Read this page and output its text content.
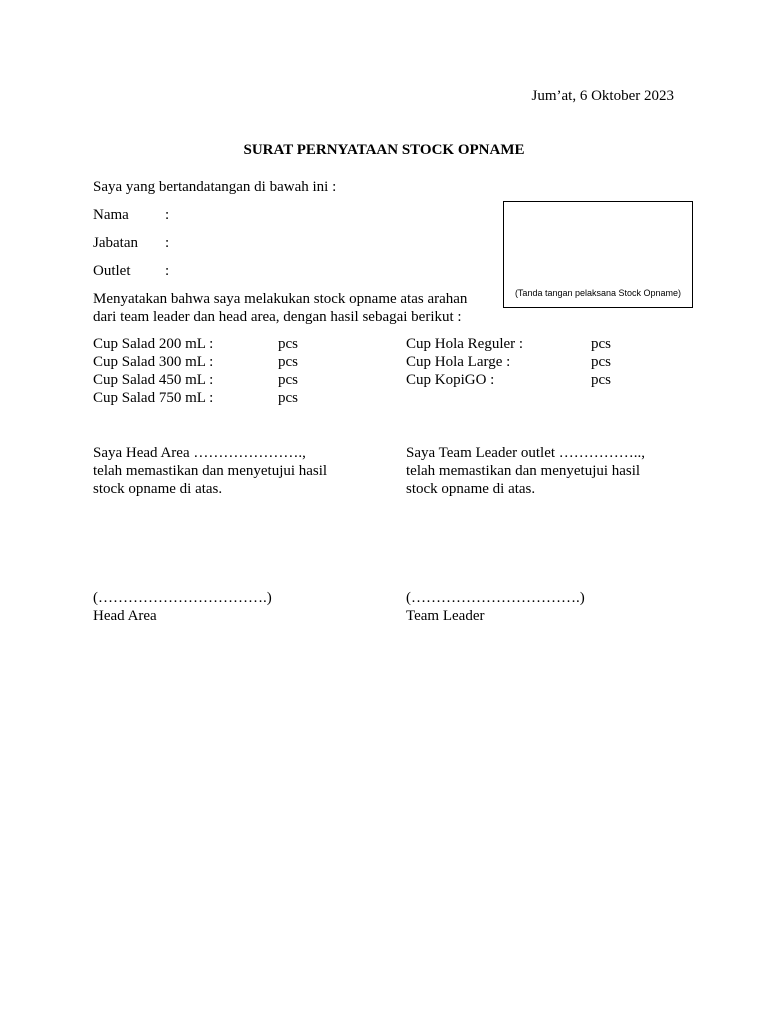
Jum’at, 6 Oktober 2023
SURAT PERNYATAAN STOCK OPNAME
Saya yang bertandatangan di bawah ini :
Nama :
Jabatan :
Outlet :
(Tanda tangan pelaksana Stock Opname)
Menyatakan bahwa saya melakukan stock opname atas arahan
dari team leader dan head area, dengan hasil sebagai berikut :
Cup Salad 200 mL :	pcs
Cup Salad 300 mL :	pcs
Cup Salad 450 mL :	pcs
Cup Salad 750 mL :	pcs
Cup Hola Reguler :	pcs
Cup Hola Large :	pcs
Cup KopiGO :	pcs
Saya Head Area ………………….,
telah memastikan dan menyetujui hasil
stock opname di atas.
(…………………………….)
Head Area
Saya Team Leader outlet ……………..,
telah memastikan dan menyetujui hasil
stock opname di atas.
(…………………………….)
Team Leader
